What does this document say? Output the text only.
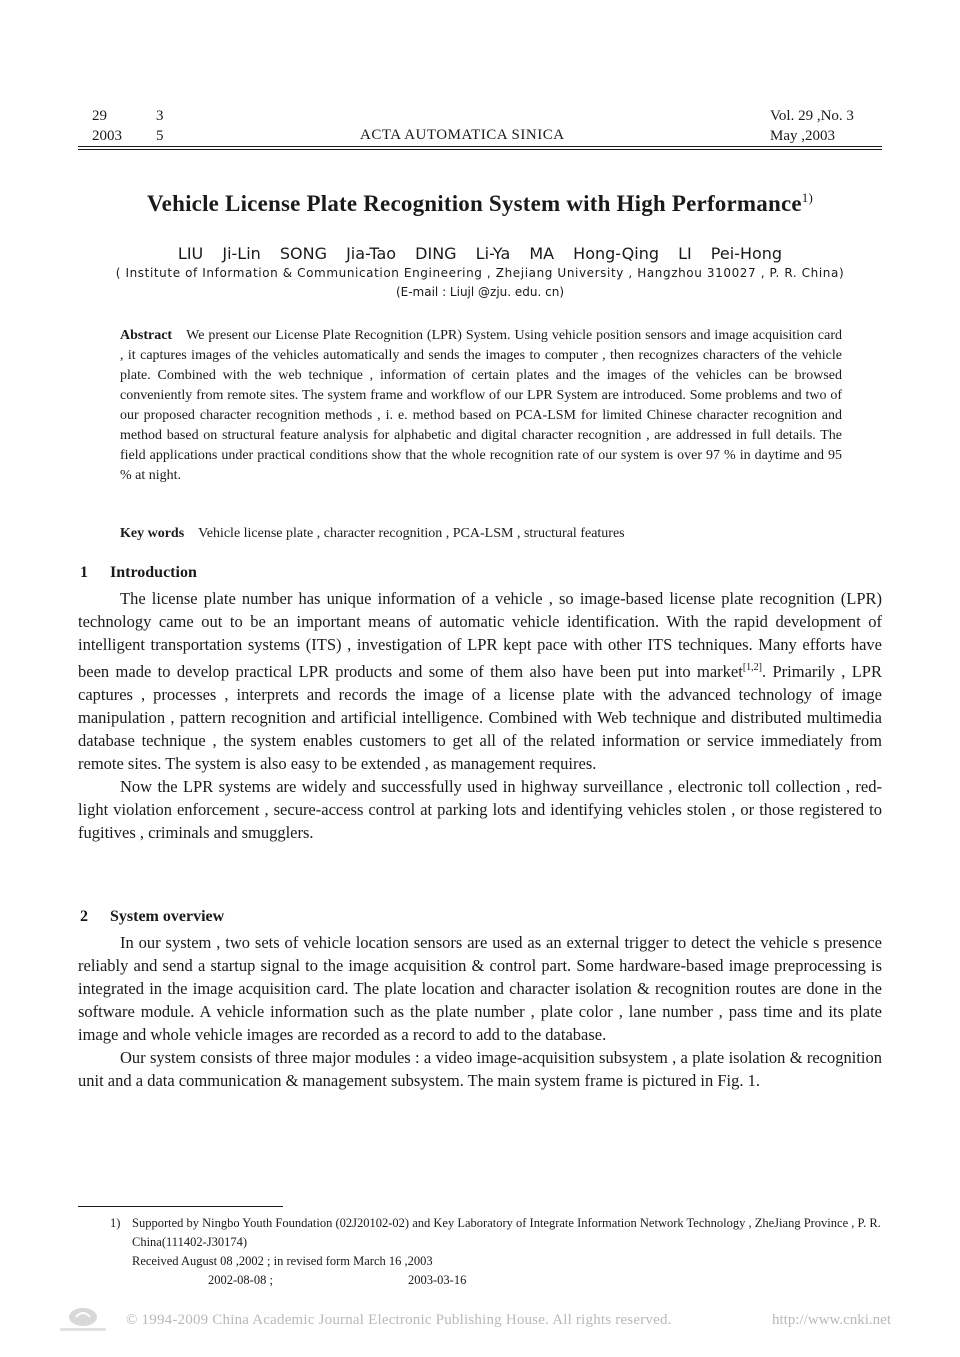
29	3
2003	5	ACTA AUTOMATICA SINICA
Vol. 29 ,No. 3
May ,2003
Vehicle License Plate Recognition System with High Performance$^{1)}$
LIU Ji-Lin SONG Jia-Tao DING Li-Ya MA Hong-Qing LI Pei-Hong
( Institute of Information & Communication Engineering , Zhejiang University , Hangzhou 310027 , P. R. China)
(E-mail : Liujl @zju. edu. cn)
Abstract We present our License Plate Recognition (LPR) System. Using vehicle position sensors and image acquisition card , it captures images of the vehicles automatically and sends the images to computer , then recognizes characters of the vehicle plate. Combined with the web technique , information of certain plates and the images of the vehicles can be browsed conveniently from remote sites. The system frame and workflow of our LPR System are introduced. Some problems and two of our proposed character recognition methods , i. e. method based on PCA-LSM for limited Chinese character recognition and method based on structural feature analysis for alphabetic and digital character recognition , are addressed in full details. The field applications under practical conditions show that the whole recognition rate of our system is over 97 % in daytime and 95 % at night.
Key words Vehicle license plate , character recognition , PCA-LSM , structural features
1 Introduction

The license plate number has unique information of a vehicle , so image-based license plate recognition (LPR) technology came out to be an important means of automatic vehicle identification. With the rapid development of intelligent transportation systems (ITS) , investigation of LPR kept pace with other ITS techniques. Many efforts have been made to develop practical LPR products and some of them also have been put into market[1,2]. Primarily , LPR captures , processes , interprets and records the image of a license plate with the advanced technology of image manipulation , pattern recognition and artificial intelligence. Combined with Web technique and distributed multimedia database technique , the system enables customers to get all of the related information or service immediately from remote sites. The system is also easy to be extended , as management requires.

Now the LPR systems are widely and successfully used in highway surveillance , electronic toll collection , red-light violation enforcement , secure-access control at parking lots and identifying vehicles stolen , or those registered to fugitives , criminals and smugglers.

2 System overview

In our system , two sets of vehicle location sensors are used as an external trigger to detect the vehicle s presence reliably and send a startup signal to the image acquisition & control part. Some hardware-based image preprocessing is integrated in the image acquisition card. The plate location and character isolation & recognition routes are done in the software module. A vehicle information such as the plate number , plate color , lane number , pass time and its plate image and whole vehicle images are recorded as a record to add to the database.

Our system consists of three major modules : a video image-acquisition subsystem , a plate isolation & recognition unit and a data communication & management subsystem. The main system frame is pictured in Fig. 1.

1) Supported by Ningbo Youth Foundation (02J20102-02) and Key Laboratory of Integrate Information Network Technology , ZheJiang Province , P. R. China(111402-J30174)
Received August 08 ,2002 ; in revised form March 16 ,2003
2002-08-08 ;	2003-03-16
© 1994-2009 China Academic Journal Electronic Publishing House. All rights reserved.	http://www.cnki.net
